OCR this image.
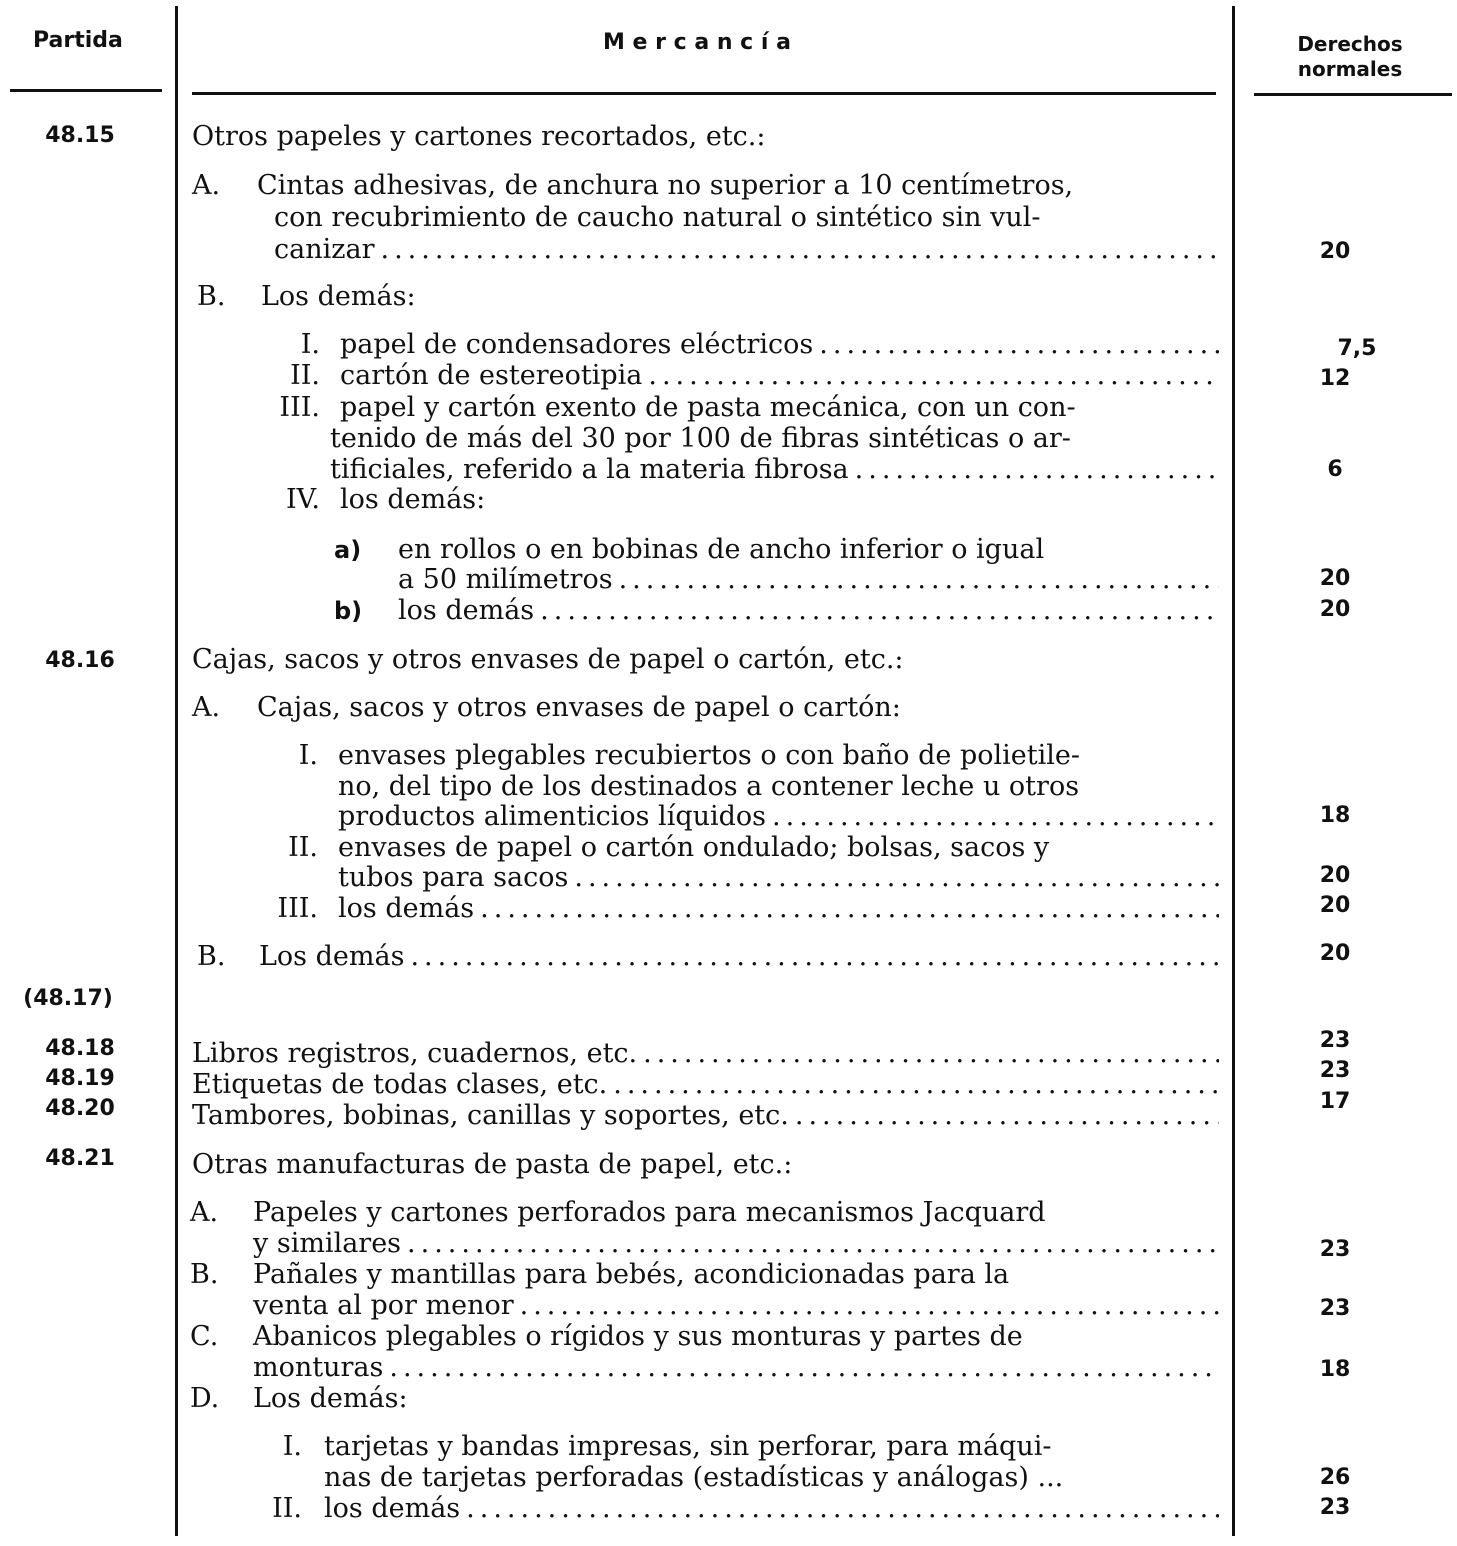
Partida	M e r c a n c í a	Derechos
normales
48.15	Otros papeles y cartones recortados, etc.:
A. Cintas adhesivas, de anchura no superior a 10 centímetros,
con recubrimiento de caucho natural o sintético sin vul-
canizar .....	20
B. Los demás:
I. papel de condensadores eléctricos .....	7,5
II. cartón de estereotipia .....	12
III. papel y cartón exento de pasta mecánica, con un con-
tenido de más del 30 por 100 de fibras sintéticas o ar-
tificiales, referido a la materia fibrosa .....	6
IV. los demás:
a) en rollos o en bobinas de ancho inferior o igual
a 50 milímetros .....	20
b) los demás .....	20
48.16	Cajas, sacos y otros envases de papel o cartón, etc.:
A. Cajas, sacos y otros envases de papel o cartón:
I. envases plegables recubiertos o con baño de polietile-
no, del tipo de los destinados a contener leche u otros
productos alimenticios líquidos .....	18
II. envases de papel o cartón ondulado; bolsas, sacos y
tubos para sacos .....	20
III. los demás .....	20
B. Los demás .....	20
(48.17)
48.18	Libros registros, cuadernos, etc. .....	23
48.19	Etiquetas de todas clases, etc. .....	23
48.20	Tambores, bobinas, canillas y soportes, etc. .....	17
48.21	Otras manufacturas de pasta de papel, etc.:
A. Papeles y cartones perforados para mecanismos Jacquard
y similares .....	23
B. Pañales y mantillas para bebés, acondicionadas para la
venta al por menor .....	23
C. Abanicos plegables o rígidos y sus monturas y partes de
monturas .....	18
D. Los demás:
I. tarjetas y bandas impresas, sin perforar, para máqui-
nas de tarjetas perforadas (estadísticas y análogas) ...	26
II. los demás .....	23
